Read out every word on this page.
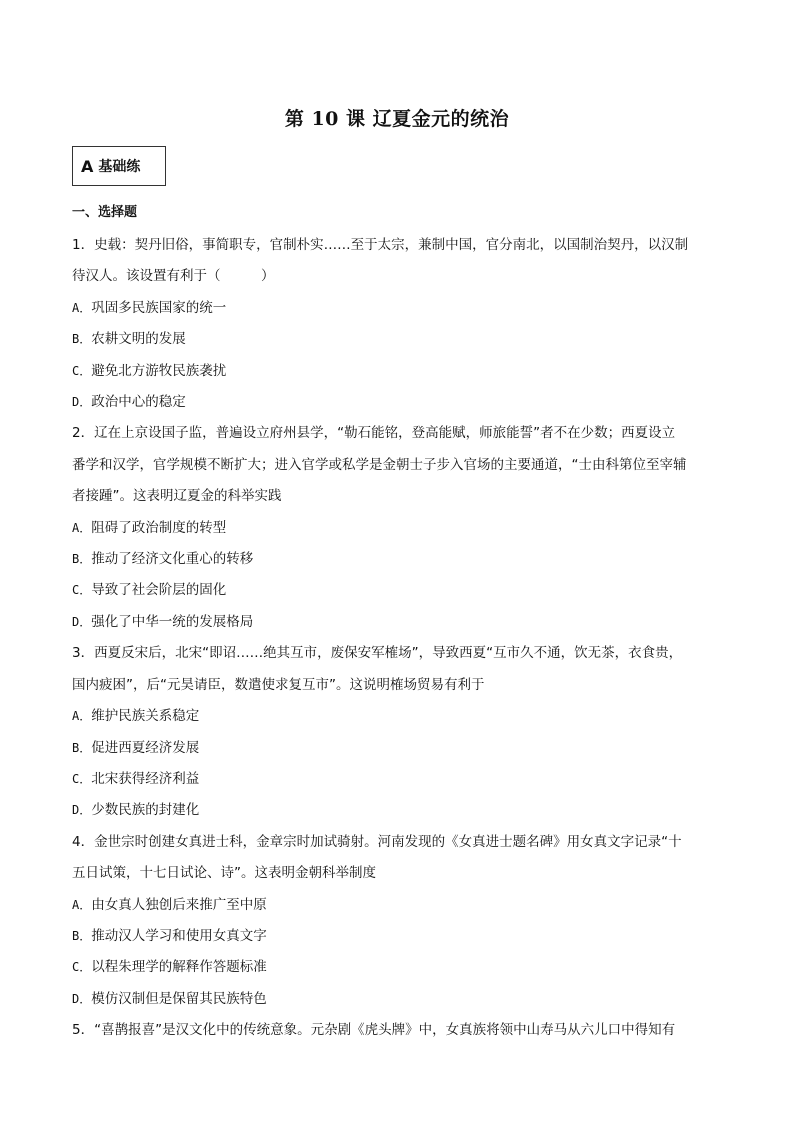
第 10 课 辽夏金元的统治
A 基础练
一、选择题
1．史载：契丹旧俗，事简职专，官制朴实……至于太宗，兼制中国，官分南北，以国制治契丹，以汉制
待汉人。该设置有利于（　　　）
A．巩固多民族国家的统一
B．农耕文明的发展
C．避免北方游牧民族袭扰
D．政治中心的稳定
2．辽在上京设国子监，普遍设立府州县学，“勒石能铭，登高能赋，师旅能誓”者不在少数；西夏设立
番学和汉学，官学规模不断扩大；进入官学或私学是金朝士子步入官场的主要通道，“士由科第位至宰辅
者接踵”。这表明辽夏金的科举实践
A．阻碍了政治制度的转型
B．推动了经济文化重心的转移
C．导致了社会阶层的固化
D．强化了中华一统的发展格局
3．西夏反宋后，北宋“即诏……绝其互市，废保安军榷场”，导致西夏“互市久不通，饮无茶，衣食贵，
国内疲困”，后“元昊请臣，数遣使求复互市”。这说明榷场贸易有利于
A．维护民族关系稳定
B．促进西夏经济发展
C．北宋获得经济利益
D．少数民族的封建化
4．金世宗时创建女真进士科，金章宗时加试骑射。河南发现的《女真进士题名碑》用女真文字记录“十
五日试策，十七日试论、诗”。这表明金朝科举制度
A．由女真人独创后来推广至中原
B．推动汉人学习和使用女真文字
C．以程朱理学的解释作答题标准
D．模仿汉制但是保留其民族特色
5．“喜鹊报喜”是汉文化中的传统意象。元杂剧《虎头牌》中，女真族将领中山寿马从六儿口中得知有
